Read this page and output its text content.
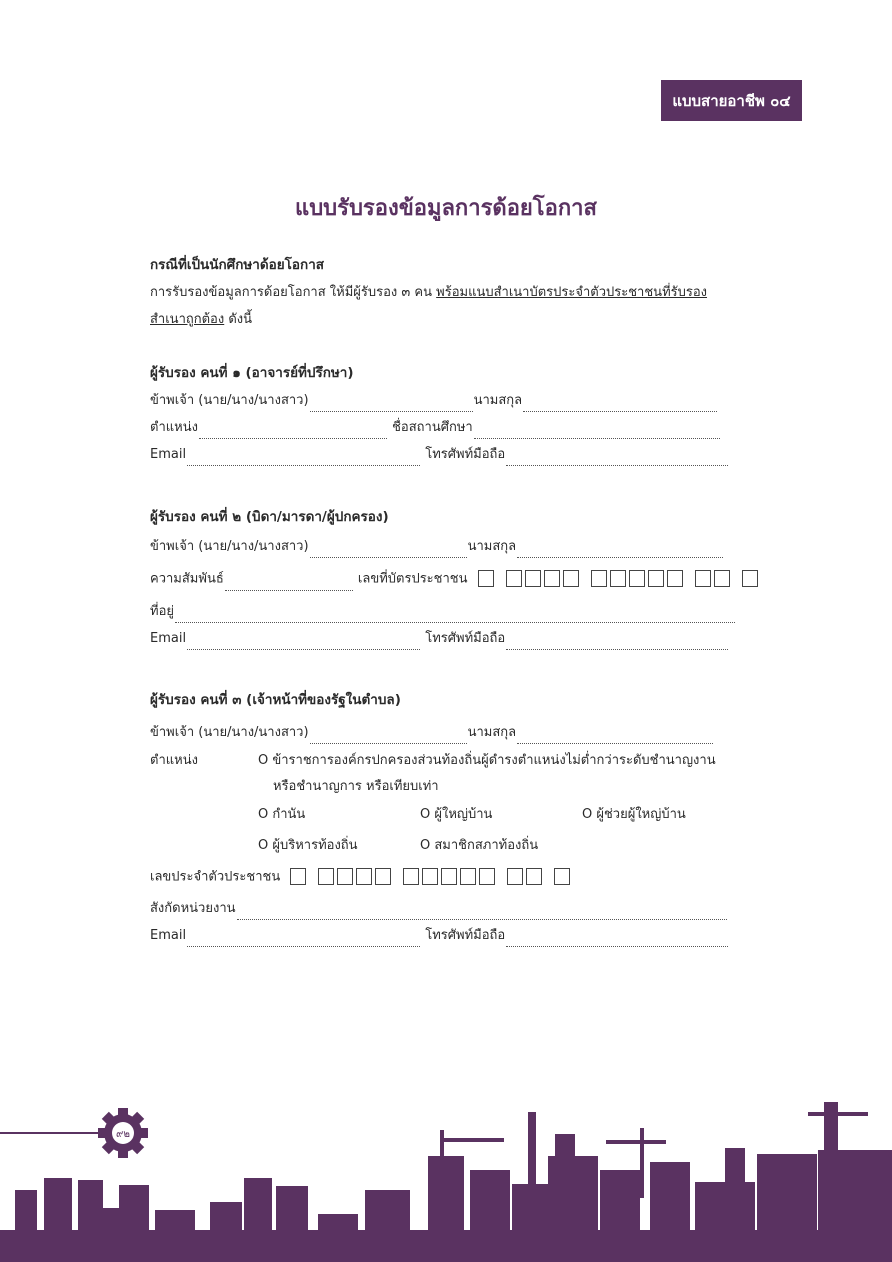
แบบสายอาชีพ ๐๔
แบบรับรองข้อมูลการด้อยโอกาส
กรณีที่เป็นนักศึกษาด้อยโอกาส
การรับรองข้อมูลการด้อยโอกาส ให้มีผู้รับรอง ๓ คน พร้อมแนบสำเนาบัตรประจำตัวประชาชนที่รับรอง
สำเนาถูกต้อง ดังนี้
ผู้รับรอง คนที่ ๑ (อาจารย์ที่ปรึกษา)
ข้าพเจ้า (นาย/นาง/นางสาว)	นามสกุล
ตำแหน่ง	ชื่อสถานศึกษา
Email	โทรศัพท์มือถือ
ผู้รับรอง คนที่ ๒ (บิดา/มารดา/ผู้ปกครอง)
ข้าพเจ้า (นาย/นาง/นางสาว)	นามสกุล
ความสัมพันธ์	เลขที่บัตรประชาชน
ที่อยู่
Email	โทรศัพท์มือถือ
ผู้รับรอง คนที่ ๓ (เจ้าหน้าที่ของรัฐในตำบล)
ข้าพเจ้า (นาย/นาง/นางสาว)	นามสกุล
ตำแหน่ง	O ข้าราชการองค์กรปกครองส่วนท้องถิ่นผู้ดำรงตำแหน่งไม่ต่ำกว่าระดับชำนาญงาน
หรือชำนาญการ หรือเทียบเท่า
O กำนัน	O ผู้ใหญ่บ้าน	O ผู้ช่วยผู้ใหญ่บ้าน
O ผู้บริหารท้องถิ่น	O สมาชิกสภาท้องถิ่น
เลขประจำตัวประชาชน
สังกัดหน่วยงาน
Email	โทรศัพท์มือถือ
๙๒
